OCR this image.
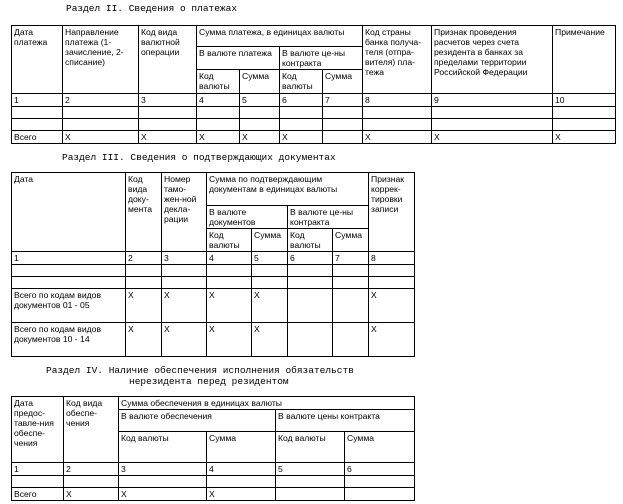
Раздел II. Сведения о платежах
Дата платежа	Направление платежа (1-зачисление, 2-списание)	Код вида валютной операции	Сумма платежа, в единицах валюты				Код страны банка получа-теля (отпра-вителя) пла-тежа	Признак проведения расчетов через счета резидента в банках за пределами территории Российской Федерации	Примечание
			В валюте платежа		В валюте це-ны контракта				
			Код валюты	Сумма	Код валюты	Сумма			
1	2	3	4	5	6	7	8	9	10

Всего	X	X	X	X	X		X	X	X
Раздел III. Сведения о подтверждающих документах
Дата	Код вида доку-мента	Номер тамо-жен-ной декла-рации	Сумма по подтверждающим документам в единицах валюты				Признак коррек-тировки записи
			В валюте документов		В валюте це-ны контракта		
			Код валюты	Сумма	Код валюты	Сумма	
1	2	3	4	5	6	7	8

Всего по кодам видов документов 01 - 05	X	X	X	X			X
Всего по кодам видов документов 10 - 14	X	X	X	X			X
Раздел IV. Наличие обеспечения исполнения обязательств
нерезидента перед резидентом
Дата предос-тавле-ния обеспе-чения	Код вида обеспе-чения	Сумма обеспечения в единицах валюты			
		В валюте обеспечения		В валюте цены контракта	
		Код валюты	Сумма	Код валюты	Сумма
1	2	3	4	5	6

Всего	X	X	X		
